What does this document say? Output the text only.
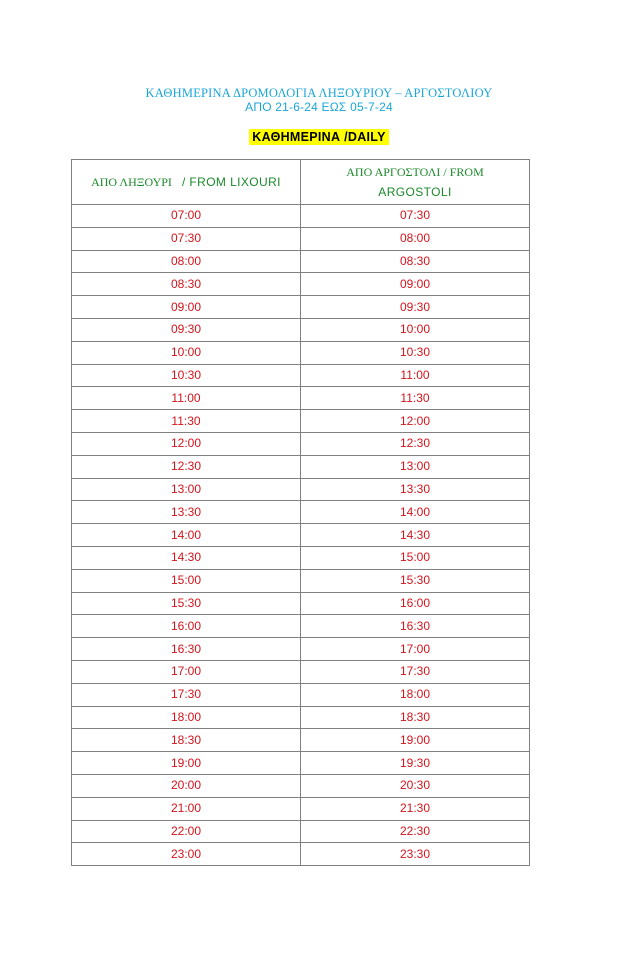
ΚΑΘΗΜΕΡΙΝΑ ΔΡΟΜΟΛΟΓΙΑ ΛΗΞΟΥΡΙΟΥ – ΑΡΓΟΣΤΟΛΙΟΥ
ΑΠΟ 21-6-24 ΕΩΣ 05-7-24
ΚΑΘΗΜΕΡΙΝΑ /DAILY
ΑΠΟ ΛΗΞΟΥΡΙ / FROM LIXOURI	ΑΠΟ ΑΡΓΟΣΤΟΛΙ / FROM
ARGOSTOLI

07:00	07:30
07:30	08:00
08:00	08:30
08:30	09:00
09:00	09:30
09:30	10:00
10:00	10:30
10:30	11:00
11:00	11:30
11:30	12:00
12:00	12:30
12:30	13:00
13:00	13:30
13:30	14:00
14:00	14:30
14:30	15:00
15:00	15:30
15:30	16:00
16:00	16:30
16:30	17:00
17:00	17:30
17:30	18:00
18:00	18:30
18:30	19:00
19:00	19:30
20:00	20:30
21:00	21:30
22:00	22:30
23:00	23:30
